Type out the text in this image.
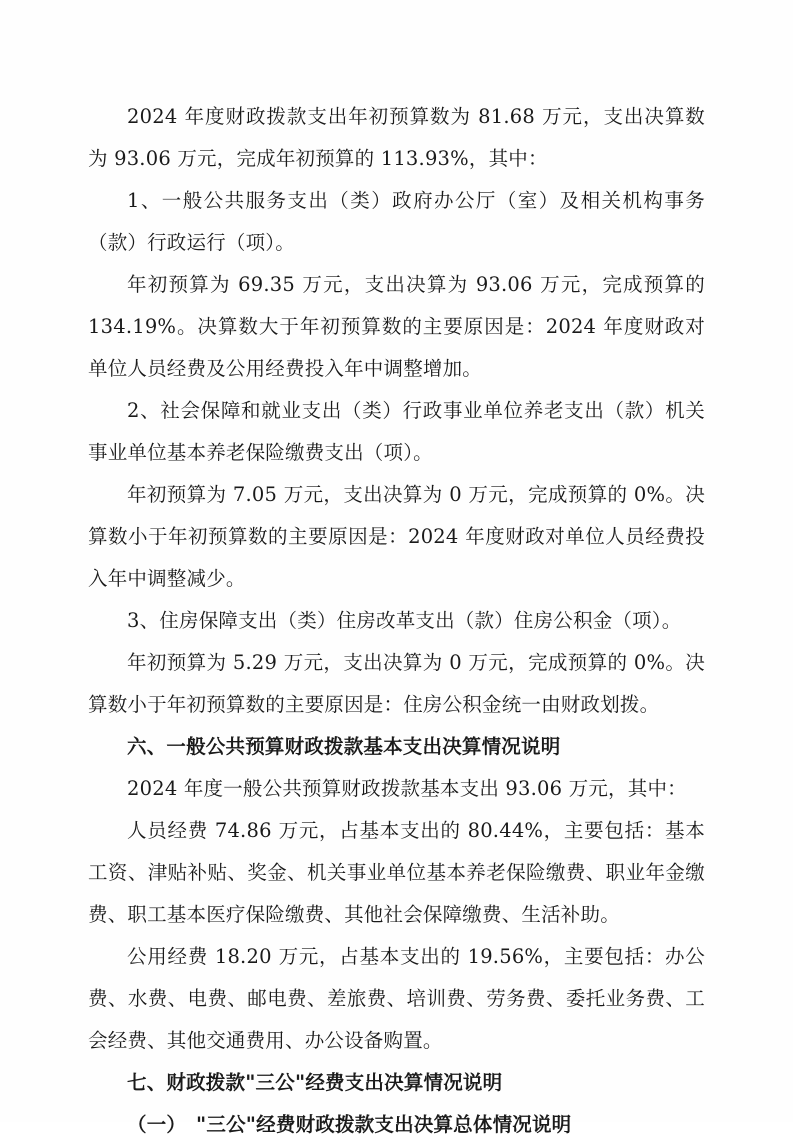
2024 年度财政拨款支出年初预算数为 81.68 万元，支出决算数为 93.06 万元，完成年初预算的 113.93%，其中：

1、一般公共服务支出（类）政府办公厅（室）及相关机构事务（款）行政运行（项）。

年初预算为 69.35 万元，支出决算为 93.06 万元，完成预算的 134.19%。决算数大于年初预算数的主要原因是：2024 年度财政对单位人员经费及公用经费投入年中调整增加。

2、社会保障和就业支出（类）行政事业单位养老支出（款）机关事业单位基本养老保险缴费支出（项）。

年初预算为 7.05 万元，支出决算为 0 万元，完成预算的 0%。决算数小于年初预算数的主要原因是：2024 年度财政对单位人员经费投入年中调整减少。

3、住房保障支出（类）住房改革支出（款）住房公积金（项）。

年初预算为 5.29 万元，支出决算为 0 万元，完成预算的 0%。决算数小于年初预算数的主要原因是：住房公积金统一由财政划拨。

六、一般公共预算财政拨款基本支出决算情况说明

2024 年度一般公共预算财政拨款基本支出 93.06 万元，其中：

人员经费 74.86 万元，占基本支出的 80.44%，主要包括：基本工资、津贴补贴、奖金、机关事业单位基本养老保险缴费、职业年金缴费、职工基本医疗保险缴费、其他社会保障缴费、生活补助。

公用经费 18.20 万元，占基本支出的 19.56%，主要包括：办公费、水费、电费、邮电费、差旅费、培训费、劳务费、委托业务费、工会经费、其他交通费用、办公设备购置。

七、财政拨款"三公"经费支出决算情况说明

（一）　"三公"经费财政拨款支出决算总体情况说明
